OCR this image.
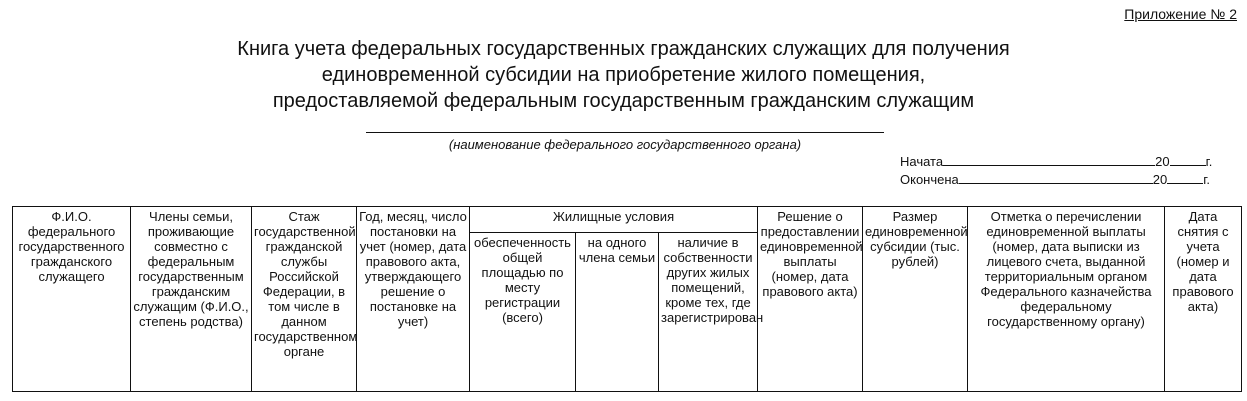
Приложение № 2
Книга учета федеральных государственных гражданских служащих для получения
единовременной субсидии на приобретение жилого помещения,
предоставляемой федеральным государственным гражданским служащим
(наименование федерального государственного органа)
Начата	20	г.
Окончена	20	г.
Ф.И.О. федерального государственного гражданского служащего	Члены семьи, проживающие совместно с федеральным государственным гражданским служащим (Ф.И.О., степень родства)	Стаж государственной гражданской службы Российской Федерации, в том числе в данном государственном органе	Год, месяц, число постановки на учет (номер, дата правового акта, утверждающего решение о постановке на учет)	Жилищные условия			Решение о предоставлении единовременной выплаты (номер, дата правового акта)	Размер единовременной субсидии (тыс. рублей)	Отметка о перечислении единовременной выплаты (номер, дата выписки из лицевого счета, выданной территориальным органом Федерального казначейства федеральному государственному органу)	Дата снятия с учета (номер и дата правового акта)
				обеспеченность общей площадью по месту регистрации (всего)	на одного члена семьи	наличие в собственности других жилых помещений, кроме тех, где зарегистрирован				
